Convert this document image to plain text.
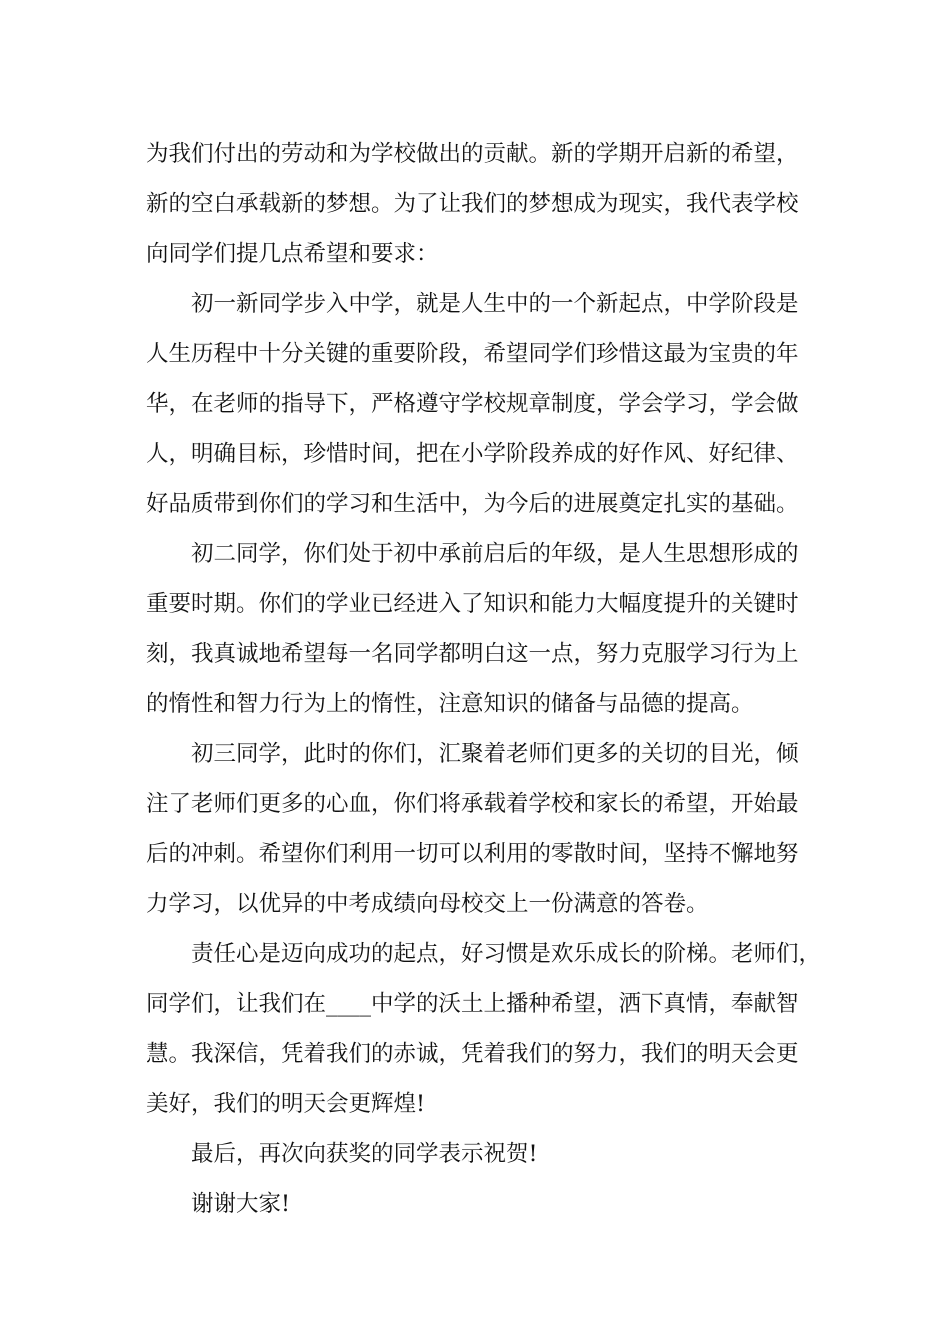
为我们付出的劳动和为学校做出的贡献。新的学期开启新的希望，
新的空白承载新的梦想。为了让我们的梦想成为现实，我代表学校
向同学们提几点希望和要求：
初一新同学步入中学，就是人生中的一个新起点，中学阶段是
人生历程中十分关键的重要阶段，希望同学们珍惜这最为宝贵的年
华，在老师的指导下，严格遵守学校规章制度，学会学习，学会做
人，明确目标，珍惜时间，把在小学阶段养成的好作风、好纪律、
好品质带到你们的学习和生活中，为今后的进展奠定扎实的基础。
初二同学，你们处于初中承前启后的年级，是人生思想形成的
重要时期。你们的学业已经进入了知识和能力大幅度提升的关键时
刻，我真诚地希望每一名同学都明白这一点，努力克服学习行为上
的惰性和智力行为上的惰性，注意知识的储备与品德的提高。
初三同学，此时的你们，汇聚着老师们更多的关切的目光，倾
注了老师们更多的心血，你们将承载着学校和家长的希望，开始最
后的冲刺。希望你们利用一切可以利用的零散时间，坚持不懈地努
力学习，以优异的中考成绩向母校交上一份满意的答卷。
责任心是迈向成功的起点，好习惯是欢乐成长的阶梯。老师们，
同学们，让我们在____中学的沃土上播种希望，洒下真情，奉献智
慧。我深信，凭着我们的赤诚，凭着我们的努力，我们的明天会更
美好，我们的明天会更辉煌!
最后，再次向获奖的同学表示祝贺!
谢谢大家!
